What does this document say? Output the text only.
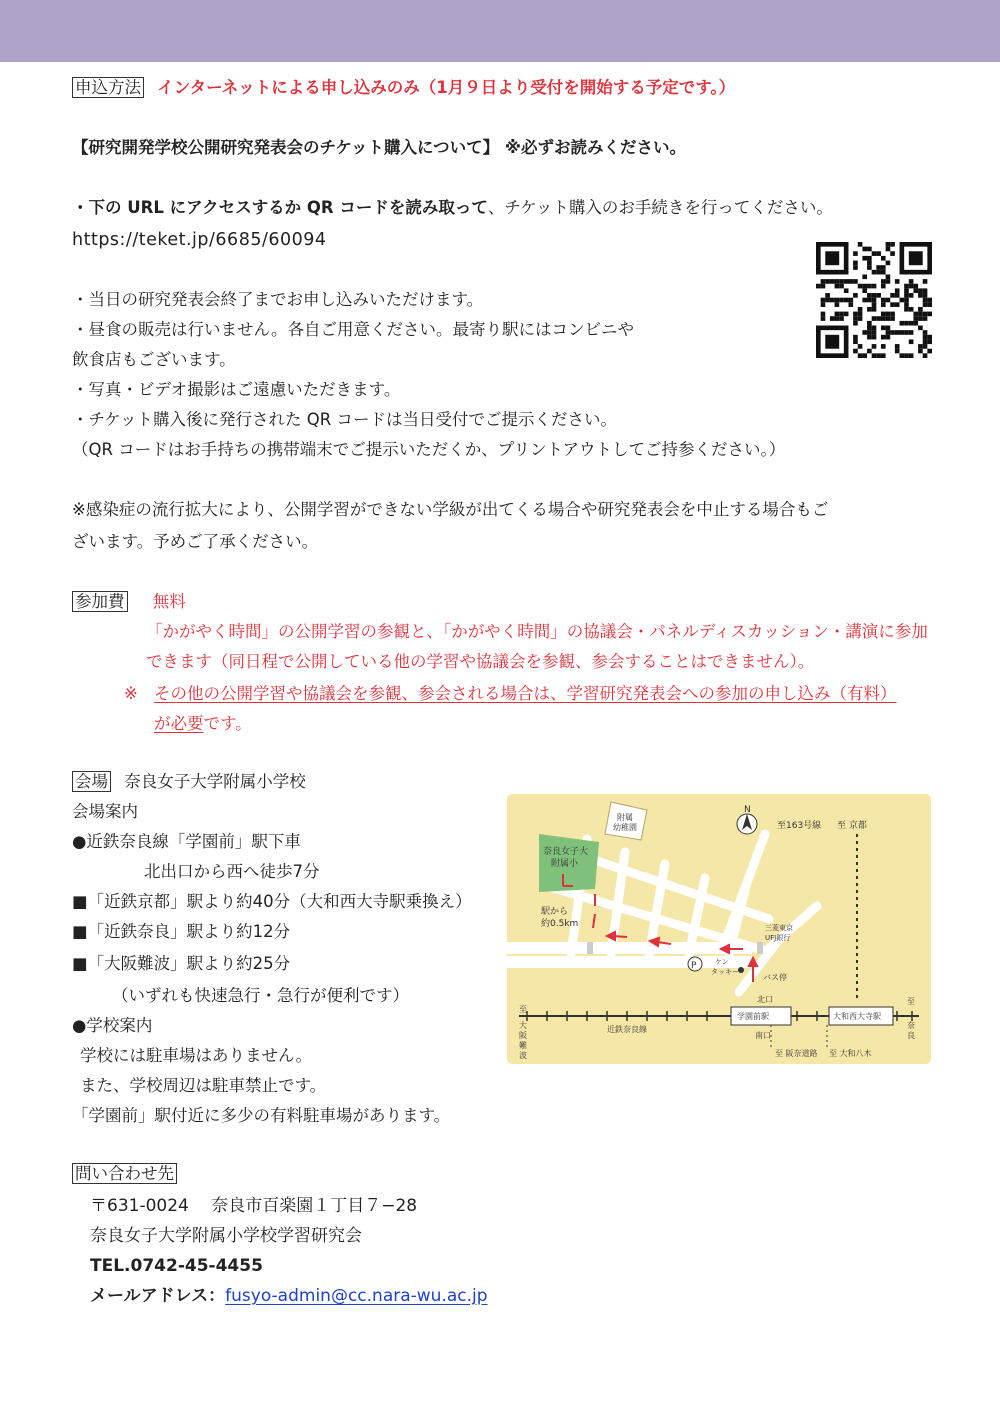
申込方法 インターネットによる申し込みのみ（1月９日より受付を開始する予定です。）
【研究開発学校公開研究発表会のチケット購入について】 ※必ずお読みください。
・下の URL にアクセスするか QR コードを読み取って、チケット購入のお手続きを行ってください。
https://teket.jp/6685/60094
・当日の研究発表会終了までお申し込みいただけます。
・昼食の販売は行いません。各自ご用意ください。最寄り駅にはコンビニや
飲食店もございます。
・写真・ビデオ撮影はご遠慮いただきます。
・チケット購入後に発行された QR コードは当日受付でご提示ください。
（QR コードはお手持ちの携帯端末でご提示いただくか、プリントアウトしてご持参ください。）
※感染症の流行拡大により、公開学習ができない学級が出てくる場合や研究発表会を中止する場合もご
ざいます。予めご了承ください。
参加費 無料
「かがやく時間」の公開学習の参観と、「かがやく時間」の協議会・パネルディスカッション・講演に参加
できます（同日程で公開している他の学習や協議会を参観、参会することはできません）。
※ その他の公開学習や協議会を参観、参会される場合は、学習研究発表会への参加の申し込み（有料）
が必要です。
会場 奈良女子大学附属小学校
会場案内
●近鉄奈良線「学園前」駅下車
北出口から西へ徒歩7分
■「近鉄京都」駅より約40分（大和西大寺駅乗換え）
■「近鉄奈良」駅より約12分
■「大阪難波」駅より約25分
（いずれも快速急行・急行が便利です）
●学校案内
学校には駐車場はありません。
また、学校周辺は駐車禁止です。
「学園前」駅付近に多少の有料駐車場があります。
N
至163号線 至 京都
附属
幼稚園
奈良女子大
附属小
駅から
約0.5km	三菱東京
UFJ銀行
P	ケン
タッキー
バス停
北口
南口
近鉄奈良線
学園前駅	大和西大寺駅
至 阪奈道路 至 大和八木
至
大
阪
難
波
至
奈
良
問い合わせ先
〒631-0024　 奈良市百楽園１丁目７−28
奈良女子大学附属小学校学習研究会
TEL.0742-45-4455
メールアドレス：fusyo-admin@cc.nara-wu.ac.jp
